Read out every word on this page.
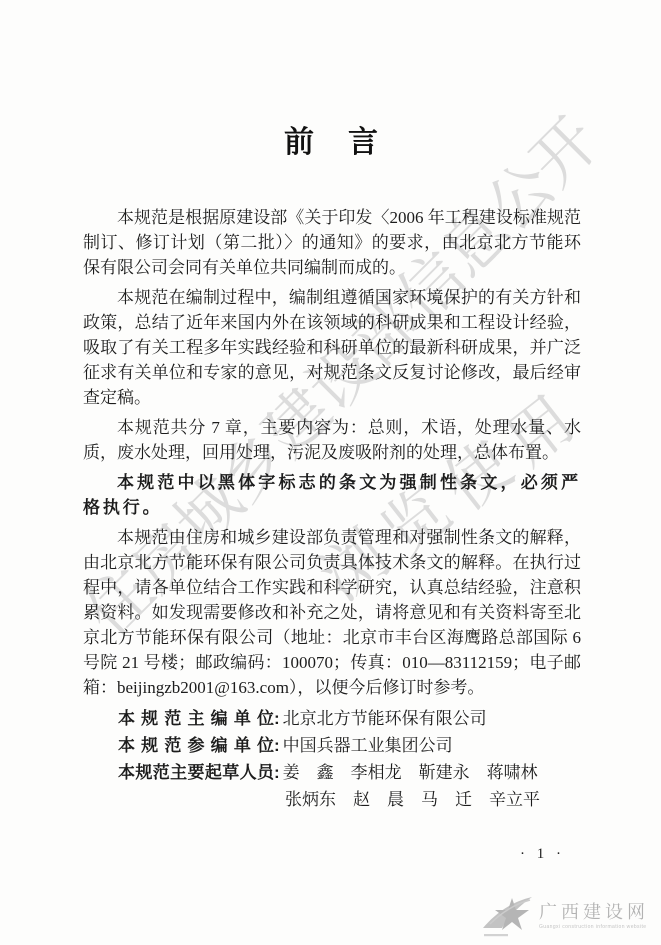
住
房
城
乡
建
设
部
信
息
公
开
浏
览
使
用
前　言

本规范是根据原建设部《关于印发〈2006 年工程建设标准规范制订、修订计划（第二批）〉的通知》的要求，由北京北方节能环保有限公司会同有关单位共同编制而成的。

本规范在编制过程中，编制组遵循国家环境保护的有关方针和政策，总结了近年来国内外在该领域的科研成果和工程设计经验，吸取了有关工程多年实践经验和科研单位的最新科研成果，并广泛征求有关单位和专家的意见，对规范条文反复讨论修改，最后经审查定稿。

本规范共分 7 章，主要内容为：总则，术语，处理水量、水质，废水处理，回用处理，污泥及废吸附剂的处理，总体布置。

本规范中以黑体字标志的条文为强制性条文，必须严格执行。

本规范由住房和城乡建设部负责管理和对强制性条文的解释，由北京北方节能环保有限公司负责具体技术条文的解释。在执行过程中，请各单位结合工作实践和科学研究，认真总结经验，注意积累资料。如发现需要修改和补充之处，请将意见和有关资料寄至北京北方节能环保有限公司（地址：北京市丰台区海鹰路总部国际 6 号院 21 号楼；邮政编码：100070；传真：010—83112159；电子邮箱：beijingzb2001@163.com），以便今后修订时参考。

本规范主编单位 : 北京北方节能环保有限公司
本规范参编单位 : 中国兵器工业集团公司
本规范主要起草人员 : 姜　鑫　李相龙　靳建永　蒋啸林
张炳东　赵　晨　马　迁　辛立平
· 1 ·
广西建设网
Guangxi construction information website
